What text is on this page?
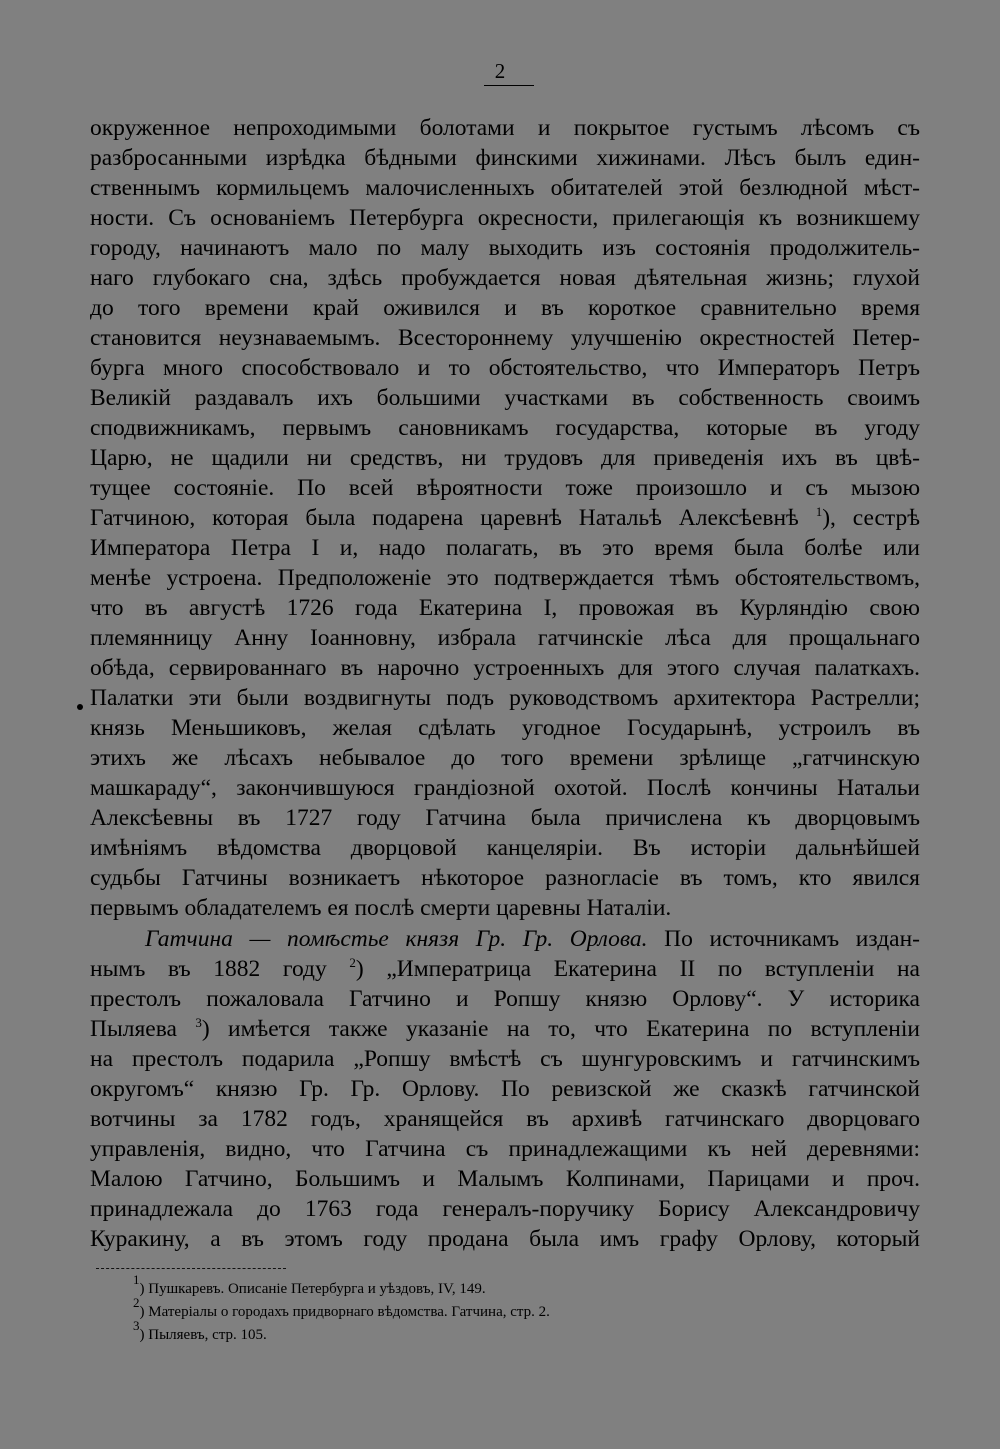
2
окруженное непроходимыми болотами и покрытое густымъ лѣсомъ съ
разбросанными изрѣдка бѣдными финскими хижинами. Лѣсъ былъ един-
ственнымъ кормильцемъ малочисленныхъ обитателей этой безлюдной мѣст-
ности. Съ основаніемъ Петербурга окресности, прилегающія къ возникшему
городу, начинаютъ мало по малу выходить изъ состоянія продолжитель-
наго глубокаго сна, здѣсь пробуждается новая дѣятельная жизнь; глухой
до того времени край оживился и въ короткое сравнительно время
становится неузнаваемымъ. Всестороннему улучшенію окрестностей Петер-
бурга много способствовало и то обстоятельство, что Императоръ Петръ
Великій раздавалъ ихъ большими участками въ собственность своимъ
сподвижникамъ, первымъ сановникамъ государства, которые въ угоду
Царю, не щадили ни средствъ, ни трудовъ для приведенія ихъ въ цвѣ-
тущее состояніе. По всей вѣроятности тоже произошло и съ мызою
Гатчиною, которая была подарена царевнѣ Натальѣ Алексѣевнѣ $^1$), сестрѣ
Императора Петра I и, надо полагать, въ это время была болѣе или
менѣе устроена. Предположеніе это подтверждается тѣмъ обстоятельствомъ,
что въ августѣ 1726 года Екатерина I, провожая въ Курляндію свою
племянницу Анну Іоанновну, избрала гатчинскіе лѣса для прощальнаго
обѣда, сервированнаго въ нарочно устроенныхъ для этого случая палаткахъ.
Палатки эти были воздвигнуты подъ руководствомъ архитектора Растрелли;
князь Меньшиковъ, желая сдѣлать угодное Государынѣ, устроилъ въ
этихъ же лѣсахъ небывалое до того времени зрѣлище „гатчинскую
машкараду“, закончившуюся грандіозной охотой. Послѣ кончины Натальи
Алексѣевны въ 1727 году Гатчина была причислена къ дворцовымъ
имѣніямъ вѣдомства дворцовой канцеляріи. Въ исторіи дальнѣйшей
судьбы Гатчины возникаетъ нѣкоторое разногласіе въ томъ, кто явился
первымъ обладателемъ ея послѣ смерти царевны Наталіи.
Гатчина — помѣстье князя Гр. Гр. Орлова. По источникамъ издан-
нымъ въ 1882 году $^2$) „Императрица Екатерина II по вступленіи на
престолъ пожаловала Гатчино и Ропшу князю Орлову“. У историка
Пыляева $^3$) имѣется также указаніе на то, что Екатерина по вступленіи
на престолъ подарила „Ропшу вмѣстѣ съ шунгуровскимъ и гатчинскимъ
округомъ“ князю Гр. Гр. Орлову. По ревизской же сказкѣ гатчинской
вотчины за 1782 годъ, хранящейся въ архивѣ гатчинскаго дворцоваго
управленія, видно, что Гатчина съ принадлежащими къ ней деревнями:
Малою Гатчино, Большимъ и Малымъ Колпинами, Парицами и проч.
принадлежала до 1763 года генералъ-поручику Борису Александровичу
Куракину, а въ этомъ году продана была имъ графу Орлову, который
$^1$) Пушкаревъ. Описаніе Петербурга и уѣздовъ, IV, 149.
$^2$) Матеріалы о городахъ придворнаго вѣдомства. Гатчина, стр. 2.
$^3$) Пыляевъ, стр. 105.
